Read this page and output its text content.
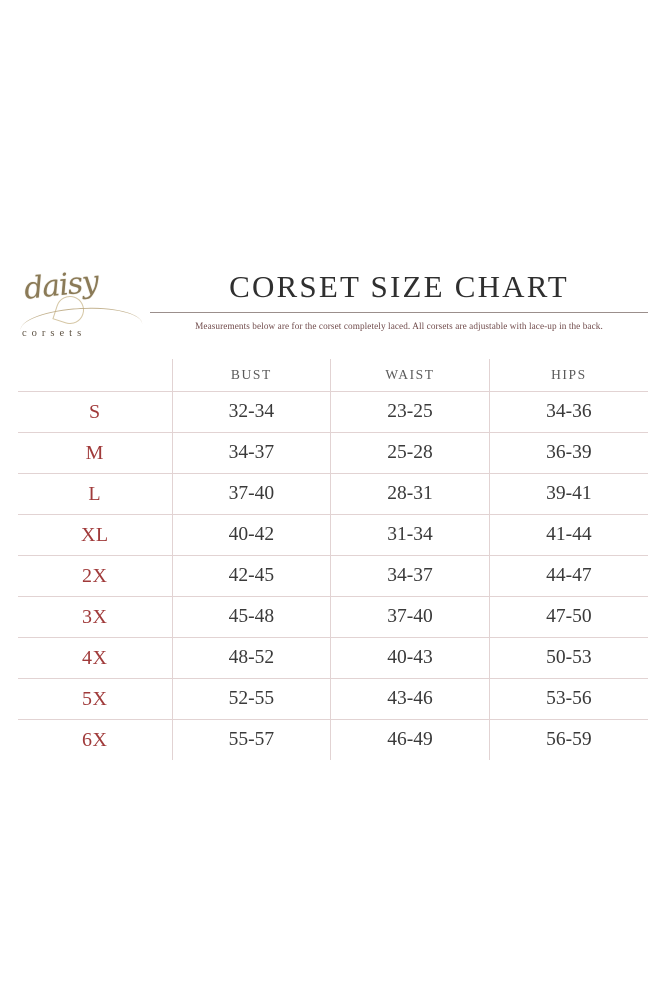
daisy
corsets
CORSET SIZE CHART
Measurements below are for the corset completely laced. All corsets are adjustable with lace-up in the back.
	BUST	WAIST	HIPS
S	32-34	23-25	34-36
M	34-37	25-28	36-39
L	37-40	28-31	39-41
XL	40-42	31-34	41-44
2X	42-45	34-37	44-47
3X	45-48	37-40	47-50
4X	48-52	40-43	50-53
5X	52-55	43-46	53-56
6X	55-57	46-49	56-59
